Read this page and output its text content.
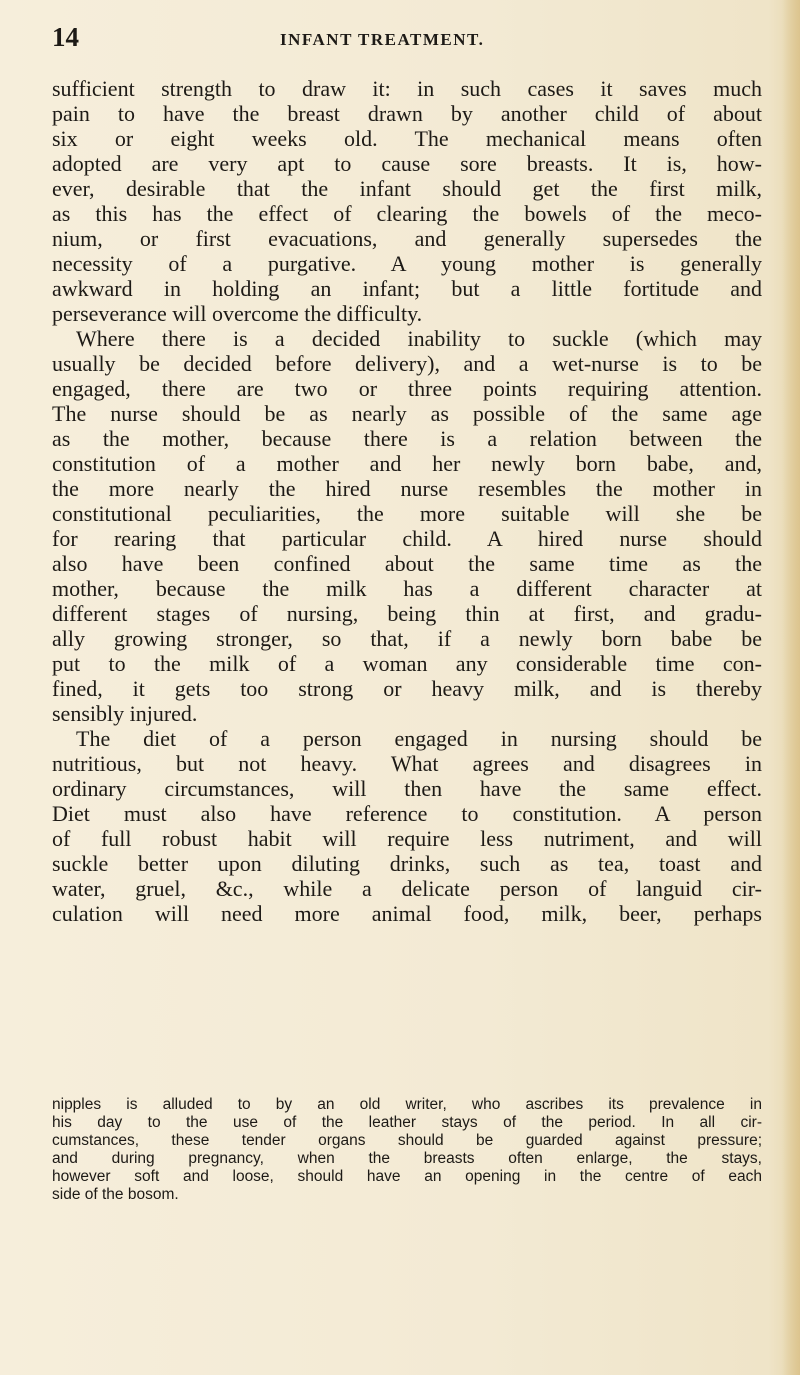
14	INFANT TREATMENT.
sufficient strength to draw it: in such cases it saves much
pain to have the breast drawn by another child of about
six or eight weeks old. The mechanical means often
adopted are very apt to cause sore breasts. It is, how-
ever, desirable that the infant should get the first milk,
as this has the effect of clearing the bowels of the meco-
nium, or first evacuations, and generally supersedes the
necessity of a purgative. A young mother is generally
awkward in holding an infant; but a little fortitude and
perseverance will overcome the difficulty.
Where there is a decided inability to suckle (which may
usually be decided before delivery), and a wet-nurse is to be
engaged, there are two or three points requiring attention.
The nurse should be as nearly as possible of the same age
as the mother, because there is a relation between the
constitution of a mother and her newly born babe, and,
the more nearly the hired nurse resembles the mother in
constitutional peculiarities, the more suitable will she be
for rearing that particular child. A hired nurse should
also have been confined about the same time as the
mother, because the milk has a different character at
different stages of nursing, being thin at first, and gradu-
ally growing stronger, so that, if a newly born babe be
put to the milk of a woman any considerable time con-
fined, it gets too strong or heavy milk, and is thereby
sensibly injured.
The diet of a person engaged in nursing should be
nutritious, but not heavy. What agrees and disagrees in
ordinary circumstances, will then have the same effect.
Diet must also have reference to constitution. A person
of full robust habit will require less nutriment, and will
suckle better upon diluting drinks, such as tea, toast and
water, gruel, &c., while a delicate person of languid cir-
culation will need more animal food, milk, beer, perhaps
nipples is alluded to by an old writer, who ascribes its prevalence in
his day to the use of the leather stays of the period. In all cir-
cumstances, these tender organs should be guarded against pressure;
and during pregnancy, when the breasts often enlarge, the stays,
however soft and loose, should have an opening in the centre of each
side of the bosom.
